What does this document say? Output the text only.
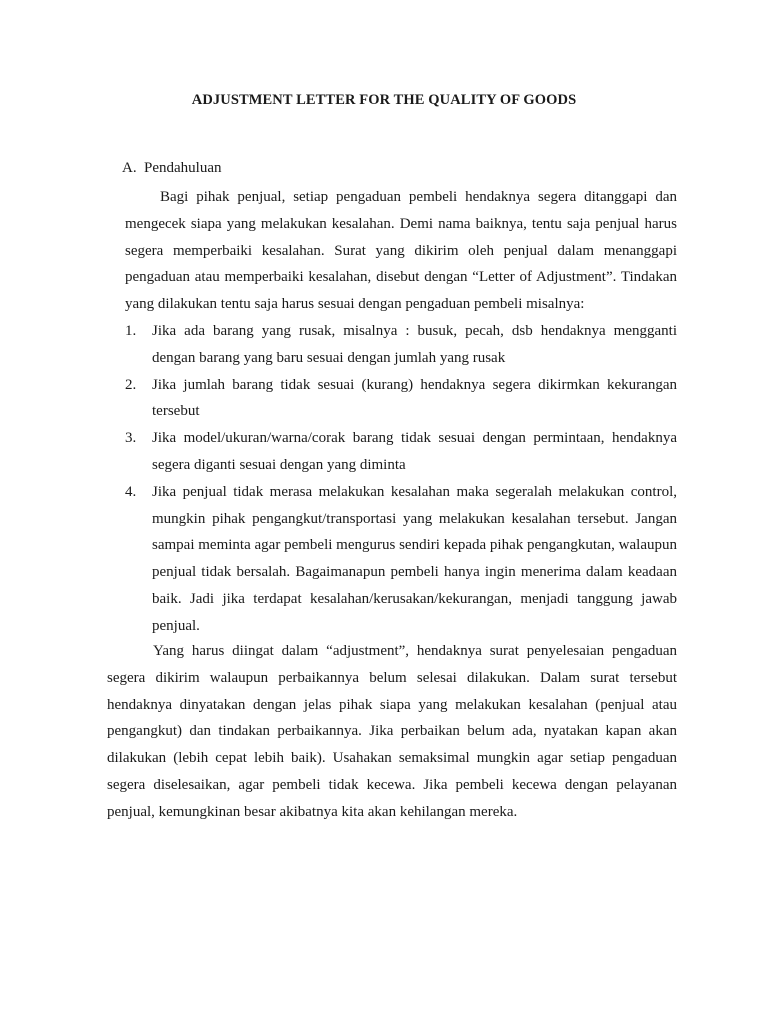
ADJUSTMENT LETTER FOR THE QUALITY OF GOODS
A. Pendahuluan

Bagi pihak penjual, setiap pengaduan pembeli hendaknya segera ditanggapi dan mengecek siapa yang melakukan kesalahan. Demi nama baiknya, tentu saja penjual harus segera memperbaiki kesalahan. Surat yang dikirim oleh penjual dalam menanggapi pengaduan atau memperbaiki kesalahan, disebut dengan “Letter of Adjustment”. Tindakan yang dilakukan tentu saja harus sesuai dengan pengaduan pembeli misalnya:

1. Jika ada barang yang rusak, misalnya : busuk, pecah, dsb hendaknya mengganti dengan barang yang baru sesuai dengan jumlah yang rusak
2. Jika jumlah barang tidak sesuai (kurang) hendaknya segera dikirmkan kekurangan tersebut
3. Jika model/ukuran/warna/corak barang tidak sesuai dengan permintaan, hendaknya segera diganti sesuai dengan yang diminta
4. Jika penjual tidak merasa melakukan kesalahan maka segeralah melakukan control, mungkin pihak pengangkut/transportasi yang melakukan kesalahan tersebut. Jangan sampai meminta agar pembeli mengurus sendiri kepada pihak pengangkutan, walaupun penjual tidak bersalah. Bagaimanapun pembeli hanya ingin menerima dalam keadaan baik. Jadi jika terdapat kesalahan/kerusakan/kekurangan, menjadi tanggung jawab penjual.

Yang harus diingat dalam “adjustment”, hendaknya surat penyelesaian pengaduan segera dikirim walaupun perbaikannya belum selesai dilakukan. Dalam surat tersebut hendaknya dinyatakan dengan jelas pihak siapa yang melakukan kesalahan (penjual atau pengangkut) dan tindakan perbaikannya. Jika perbaikan belum ada, nyatakan kapan akan dilakukan (lebih cepat lebih baik). Usahakan semaksimal mungkin agar setiap pengaduan segera diselesaikan, agar pembeli tidak kecewa. Jika pembeli kecewa dengan pelayanan penjual, kemungkinan besar akibatnya kita akan kehilangan mereka.
